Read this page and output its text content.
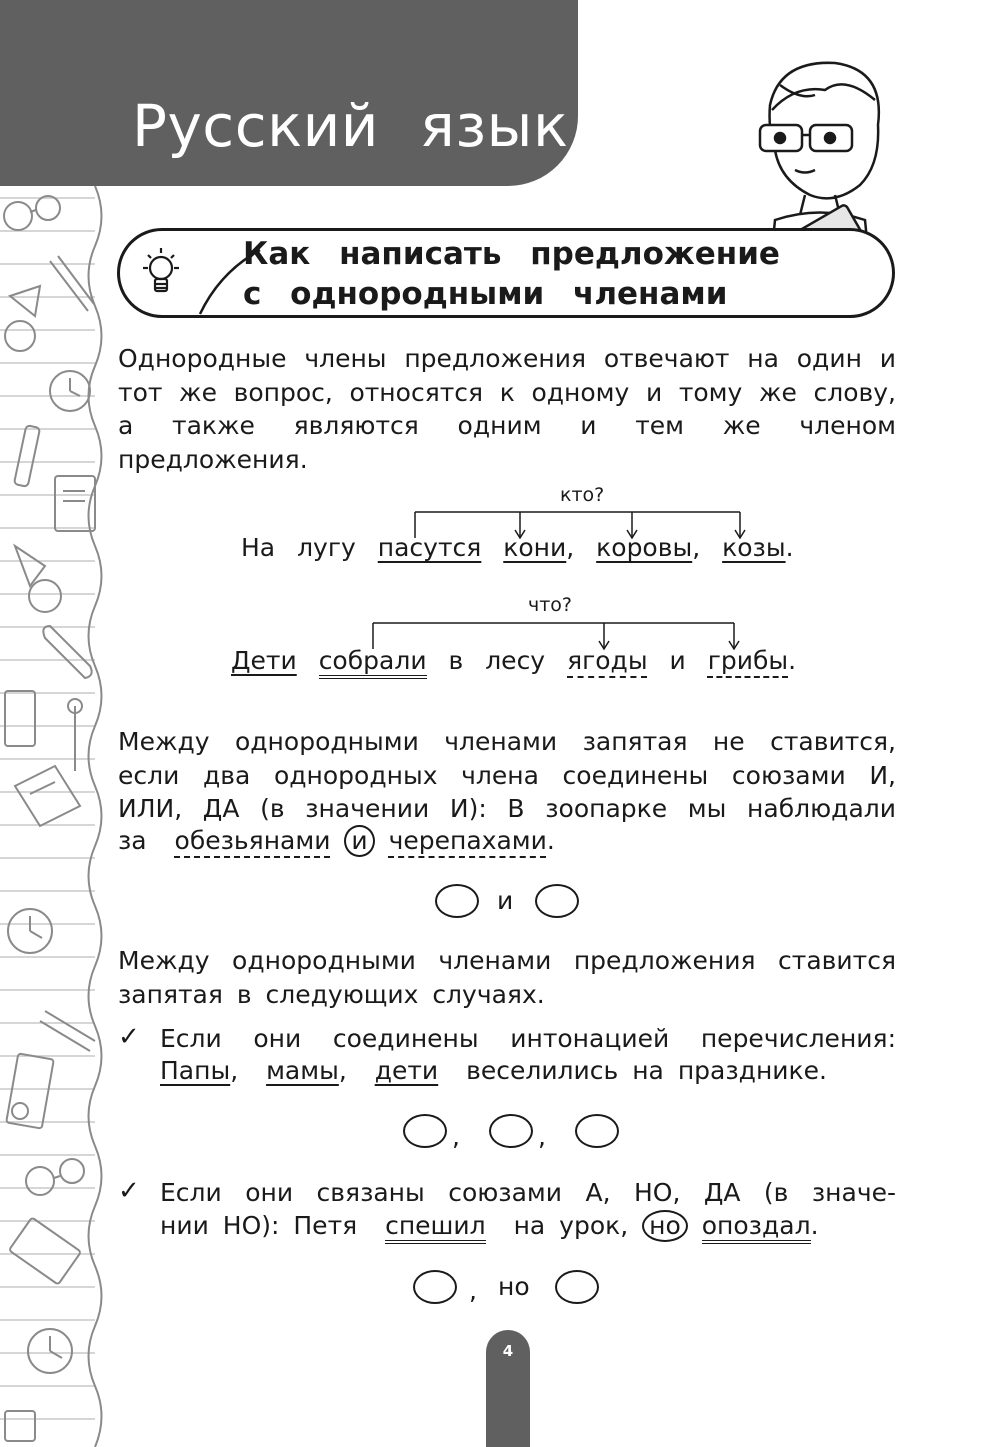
Русский язык
Как написать предложение
с однородными членами
Однородные члены предложения отвечают на один и тот же вопрос, относятся к одному и тому же слову, а также являются одним и тем же членом предложения.
кто?
На лугу пасутся кони, коровы, козы.
что?
Дети собрали в лесу ягоды и грибы.
Между однородными членами запятая не ставится, если два однородных члена соединены союзами И, ИЛИ, ДА (в значении И): В зоопарке мы наблюдали
за обезьянами и черепахами.
и
Между однородными членами предложения ставится запятая в следующих случаях.
✓ Если они соединены интонацией перечисления:
Папы, мамы, дети веселились на празднике.
,	,
✓ Если они связаны союзами А, НО, ДА (в значе-
нии НО): Петя спешил на урок, но опоздал.
, но
4
